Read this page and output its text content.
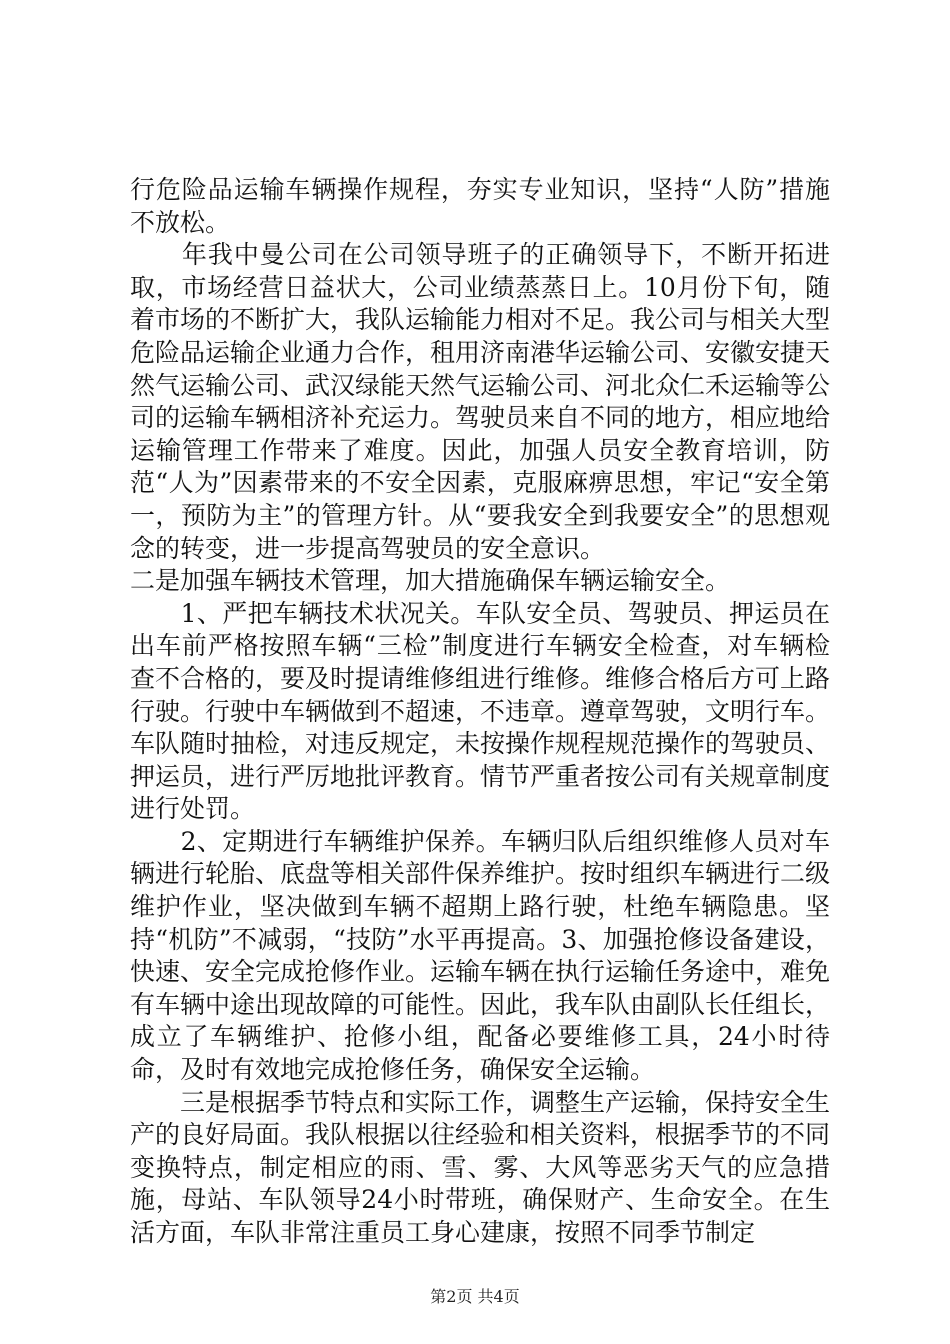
行危险品运输车辆操作规程，夯实专业知识，坚持“人防”措施不放松。

　　年我中曼公司在公司领导班子的正确领导下，不断开拓进取，市场经营日益状大，公司业绩蒸蒸日上。10月份下旬，随着市场的不断扩大，我队运输能力相对不足。我公司与相关大型危险品运输企业通力合作，租用济南港华运输公司、安徽安捷天然气运输公司、武汉绿能天然气运输公司、河北众仁禾运输等公司的运输车辆相济补充运力。驾驶员来自不同的地方，相应地给运输管理工作带来了难度。因此，加强人员安全教育培训，防范“人为”因素带来的不安全因素，克服麻痹思想，牢记“安全第一，预防为主”的管理方针。从“要我安全到我要安全”的思想观念的转变，进一步提高驾驶员的安全意识。

二是加强车辆技术管理，加大措施确保车辆运输安全。

　　1、严把车辆技术状况关。车队安全员、驾驶员、押运员在出车前严格按照车辆“三检”制度进行车辆安全检查，对车辆检查不合格的，要及时提请维修组进行维修。维修合格后方可上路行驶。行驶中车辆做到不超速，不违章。遵章驾驶，文明行车。车队随时抽检，对违反规定，未按操作规程规范操作的驾驶员、押运员，进行严厉地批评教育。情节严重者按公司有关规章制度进行处罚。

　　2、定期进行车辆维护保养。车辆归队后组织维修人员对车辆进行轮胎、底盘等相关部件保养维护。按时组织车辆进行二级维护作业，坚决做到车辆不超期上路行驶，杜绝车辆隐患。坚持“机防”不减弱，“技防”水平再提高。3、加强抢修设备建设，快速、安全完成抢修作业。运输车辆在执行运输任务途中，难免有车辆中途出现故障的可能性。因此，我车队由副队长任组长，成立了车辆维护、抢修小组，配备必要维修工具，24小时待命，及时有效地完成抢修任务，确保安全运输。

　　三是根据季节特点和实际工作，调整生产运输，保持安全生产的良好局面。我队根据以往经验和相关资料，根据季节的不同变换特点，制定相应的雨、雪、雾、大风等恶劣天气的应急措施，母站、车队领导24小时带班，确保财产、生命安全。在生活方面，车队非常注重员工身心建康，按照不同季节制定

第2页 共4页
